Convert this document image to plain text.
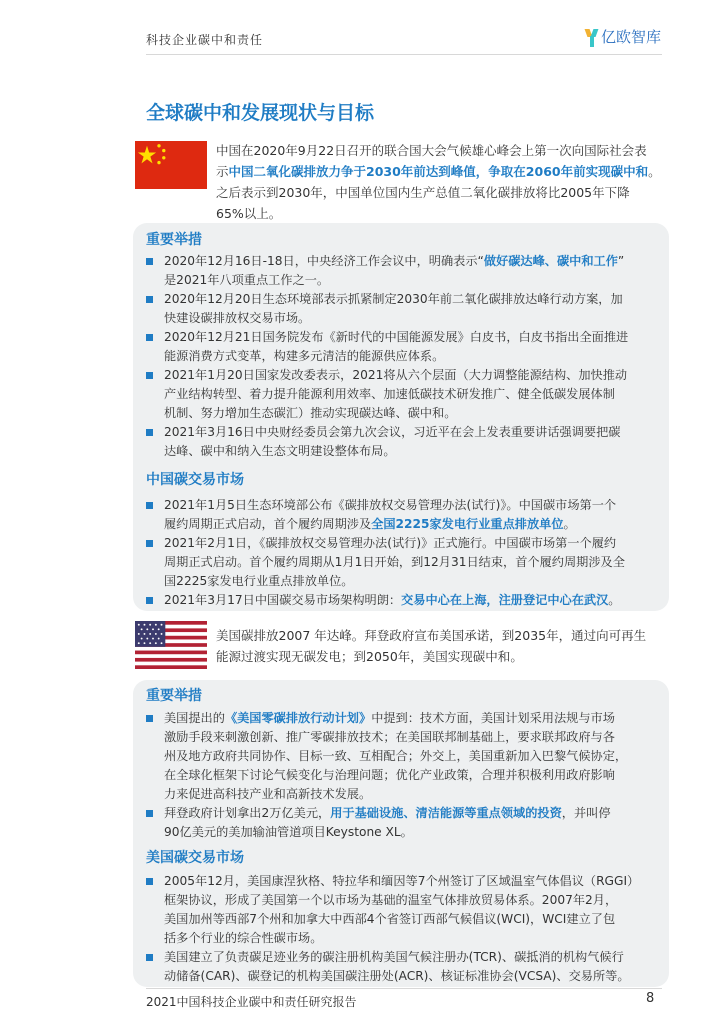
科技企业碳中和责任	亿欧智库
全球碳中和发展现状与目标
中国在2020年9月22日召开的联合国大会气候雄心峰会上第一次向国际社会表
示中国二氧化碳排放力争于2030年前达到峰值，争取在2060年前实现碳中和。
之后表示到2030年，中国单位国内生产总值二氧化碳排放将比2005年下降
65%以上。
重要举措
2020年12月16日-18日，中央经济工作会议中，明确表示“做好碳达峰、碳中和工作”
是2021年八项重点工作之一。
2020年12月20日生态环境部表示抓紧制定2030年前二氧化碳排放达峰行动方案，加
快建设碳排放权交易市场。
2020年12月21日国务院发布《新时代的中国能源发展》白皮书，白皮书指出全面推进
能源消费方式变革，构建多元清洁的能源供应体系。
2021年1月20日国家发改委表示，2021将从六个层面（大力调整能源结构、加快推动
产业结构转型、着力提升能源利用效率、加速低碳技术研发推广、健全低碳发展体制
机制、努力增加生态碳汇）推动实现碳达峰、碳中和。
2021年3月16日中央财经委员会第九次会议，习近平在会上发表重要讲话强调要把碳
达峰、碳中和纳入生态文明建设整体布局。
中国碳交易市场
2021年1月5日生态环境部公布《碳排放权交易管理办法(试行)》。中国碳市场第一个
履约周期正式启动，首个履约周期涉及全国2225家发电行业重点排放单位。
2021年2月1日，《碳排放权交易管理办法(试行)》正式施行。中国碳市场第一个履约
周期正式启动。首个履约周期从1月1日开始，到12月31日结束，首个履约周期涉及全
国2225家发电行业重点排放单位。
2021年3月17日中国碳交易市场架构明朗：交易中心在上海，注册登记中心在武汉。
美国碳排放2007 年达峰。拜登政府宣布美国承诺，到2035年，通过向可再生
能源过渡实现无碳发电；到2050年，美国实现碳中和。
重要举措
美国提出的《美国零碳排放行动计划》中提到：技术方面，美国计划采用法规与市场
激励手段来刺激创新、推广零碳排放技术；在美国联邦制基础上，要求联邦政府与各
州及地方政府共同协作、目标一致、互相配合；外交上，美国重新加入巴黎气候协定，
在全球化框架下讨论气候变化与治理问题；优化产业政策，合理并积极利用政府影响
力来促进高科技产业和高新技术发展。
拜登政府计划拿出2万亿美元，用于基础设施、清洁能源等重点领域的投资，并叫停
90亿美元的美加输油管道项目Keystone XL。
美国碳交易市场
2005年12月，美国康涅狄格、特拉华和缅因等7个州签订了区域温室气体倡议（RGGI）
框架协议，形成了美国第一个以市场为基础的温室气体排放贸易体系。2007年2月，
美国加州等西部7个州和加拿大中西部4个省签订西部气候倡议(WCI)，WCI建立了包
括多个行业的综合性碳市场。
美国建立了负责碳足迹业务的碳注册机构美国气候注册办(TCR)、碳抵消的机构气候行
动储备(CAR)、碳登记的机构美国碳注册处(ACR)、核证标准协会(VCSA)、交易所等。
2021中国科技企业碳中和责任研究报告	8
